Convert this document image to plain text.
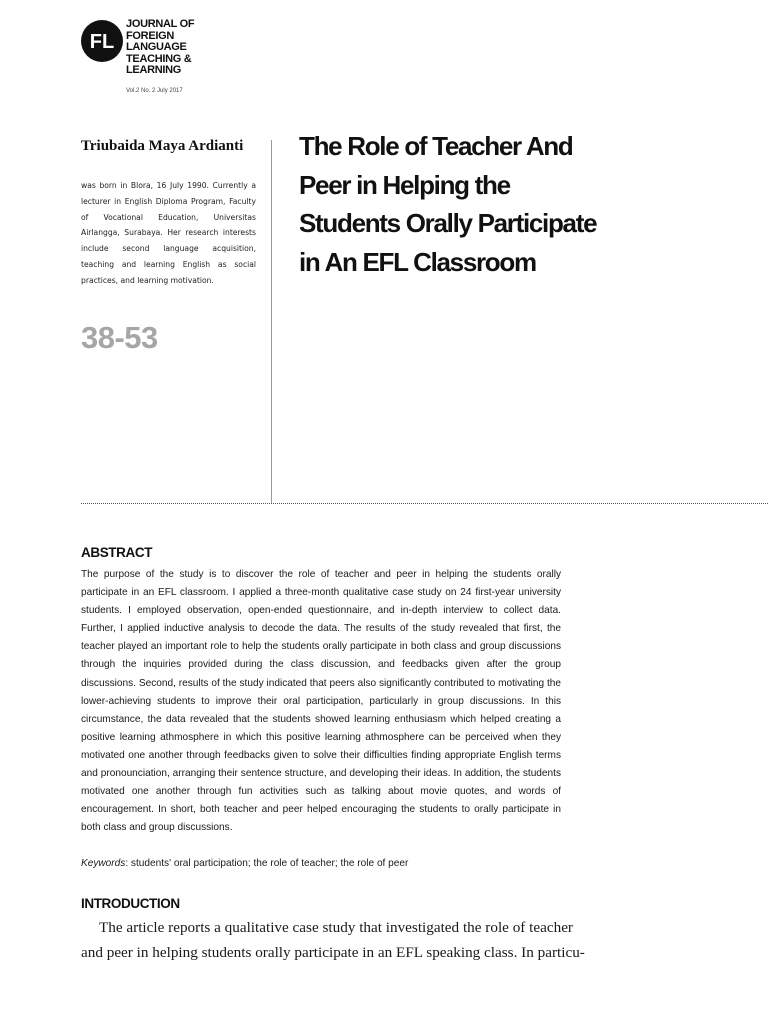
FL
JOURNAL OF
FOREIGN
LANGUAGE
TEACHING &
LEARNING
Vol.2 No. 2 July 2017
Triubaida Maya Ardianti
was born in Blora, 16 July 1990. Currently a lecturer in English Diploma Program, Faculty of Vocational Education, Universitas Airlangga, Surabaya. Her research interests include second language acquisition, teaching and learning English as social practices, and learning motivation.
38-53
The Role of Teacher And
Peer in Helping the
Students Orally Participate
in An EFL Classroom
ABSTRACT
The purpose of the study is to discover the role of teacher and peer in helping the students orally participate in an EFL classroom. I applied a three-month qualitative case study on 24 first-year university students. I employed observation, open-ended questionnaire, and in-depth interview to collect data. Further, I applied inductive analysis to decode the data. The results of the study revealed that first, the teacher played an important role to help the students orally participate in both class and group discussions through the inquiries provided during the class discussion, and feedbacks given after the group discussions. Second, results of the study indicated that peers also significantly contributed to motivating the lower-achieving students to improve their oral participation, particularly in group discussions. In this circumstance, the data revealed that the students showed learning enthusiasm which helped creating a positive learning athmosphere in which this positive learning athmosphere can be perceived when they motivated one another through feedbacks given to solve their difficulties finding appropriate English terms and pronounciation, arranging their sentence structure, and developing their ideas. In addition, the students motivated one another through fun activities such as talking about movie quotes, and words of encouragement. In short, both teacher and peer helped encouraging the students to orally participate in both class and group discussions.
Keywords: students' oral participation; the role of teacher; the role of peer
INTRODUCTION
The article reports a qualitative case study that investigated the role of teacher
and peer in helping students orally participate in an EFL speaking class. In particu-
